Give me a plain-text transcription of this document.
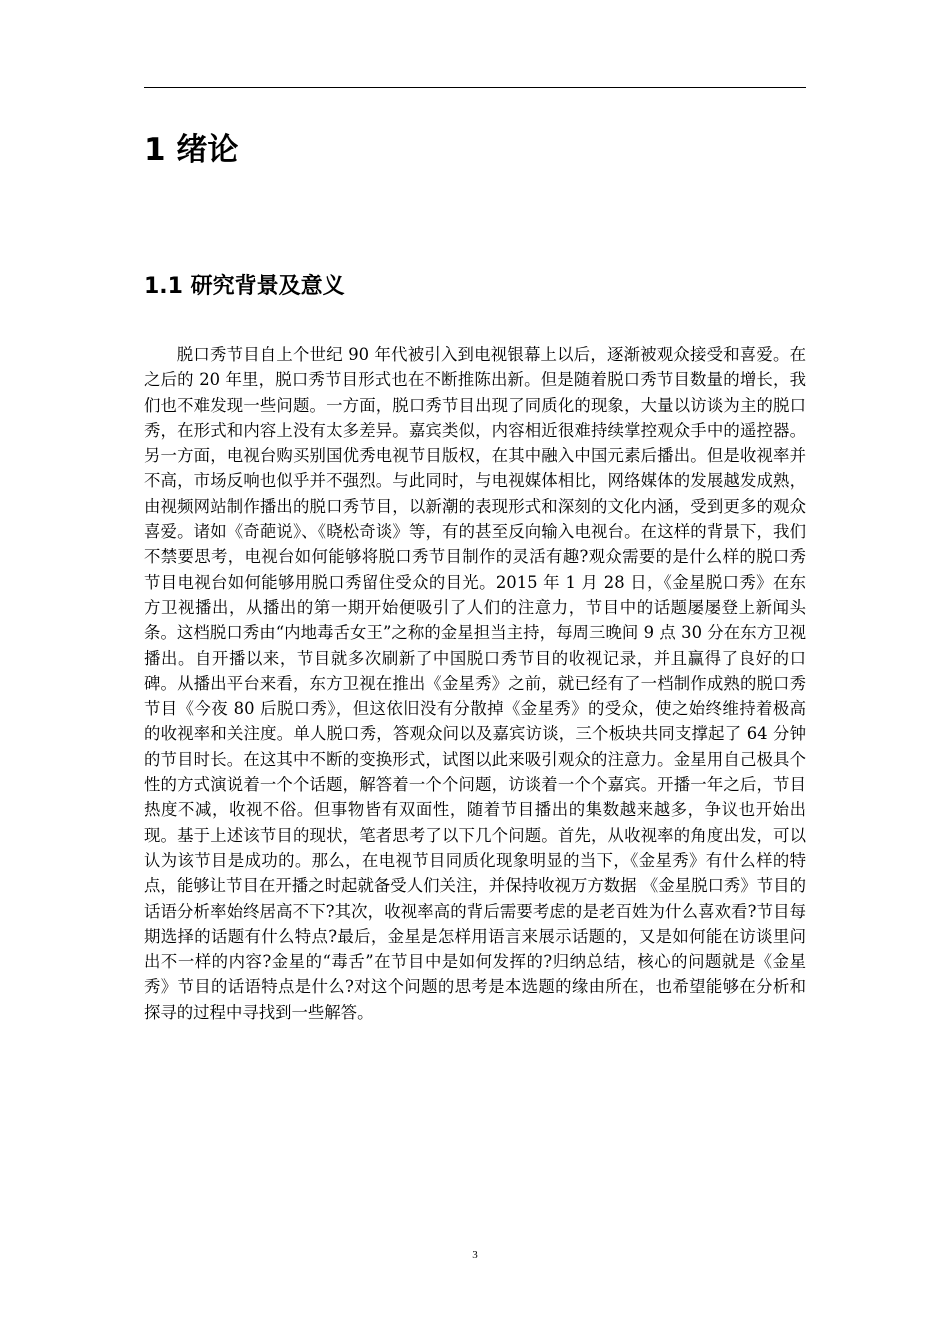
1 绪论
1.1 研究背景及意义

脱口秀节目自上个世纪 90 年代被引入到电视银幕上以后，逐渐被观众接受和喜爱。在之后的 20 年里，脱口秀节目形式也在不断推陈出新。但是随着脱口秀节目数量的增长，我们也不难发现一些问题。一方面，脱口秀节目出现了同质化的现象，大量以访谈为主的脱口秀，在形式和内容上没有太多差异。嘉宾类似，内容相近很难持续掌控观众手中的遥控器。另一方面，电视台购买别国优秀电视节目版权，在其中融入中国元素后播出。但是收视率并不高，市场反响也似乎并不强烈。与此同时，与电视媒体相比，网络媒体的发展越发成熟，由视频网站制作播出的脱口秀节目，以新潮的表现形式和深刻的文化内涵，受到更多的观众喜爱。诸如《奇葩说》、《晓松奇谈》等，有的甚至反向输入电视台。在这样的背景下，我们不禁要思考，电视台如何能够将脱口秀节目制作的灵活有趣?观众需要的是什么样的脱口秀节目电视台如何能够用脱口秀留住受众的目光。2015 年 1 月 28 日，《金星脱口秀》在东方卫视播出，从播出的第一期开始便吸引了人们的注意力，节目中的话题屡屡登上新闻头条。这档脱口秀由“内地毒舌女王”之称的金星担当主持，每周三晚间 9 点 30 分在东方卫视播出。自开播以来，节目就多次刷新了中国脱口秀节目的收视记录，并且赢得了良好的口碑。从播出平台来看，东方卫视在推出《金星秀》之前，就已经有了一档制作成熟的脱口秀节目《今夜 80 后脱口秀》，但这依旧没有分散掉《金星秀》的受众，使之始终维持着极高的收视率和关注度。单人脱口秀，答观众问以及嘉宾访谈，三个板块共同支撑起了 64 分钟的节目时长。在这其中不断的变换形式，试图以此来吸引观众的注意力。金星用自己极具个性的方式演说着一个个话题，解答着一个个问题，访谈着一个个嘉宾。开播一年之后，节目热度不减，收视不俗。但事物皆有双面性，随着节目播出的集数越来越多，争议也开始出现。基于上述该节目的现状，笔者思考了以下几个问题。首先，从收视率的角度出发，可以认为该节目是成功的。那么，在电视节目同质化现象明显的当下，《金星秀》有什么样的特点，能够让节目在开播之时起就备受人们关注，并保持收视万方数据 《金星脱口秀》节目的话语分析率始终居高不下?其次，收视率高的背后需要考虑的是老百姓为什么喜欢看?节目每期选择的话题有什么特点?最后，金星是怎样用语言来展示话题的，又是如何能在访谈里问出不一样的内容?金星的“毒舌”在节目中是如何发挥的?归纳总结，核心的问题就是《金星秀》节目的话语特点是什么?对这个问题的思考是本选题的缘由所在，也希望能够在分析和探寻的过程中寻找到一些解答。

3
